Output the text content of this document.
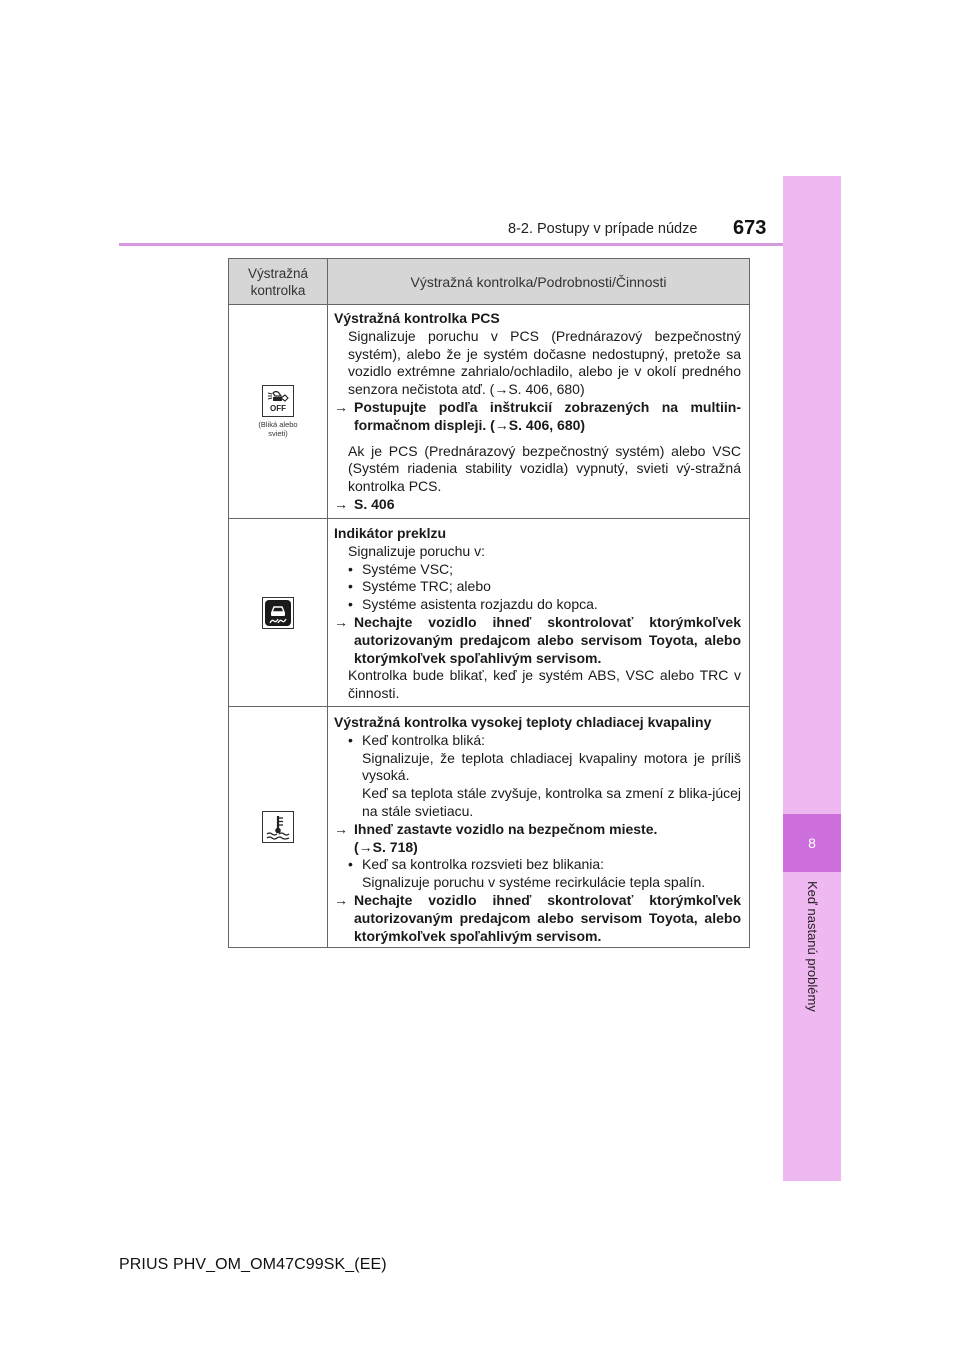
8
Keď nastanú problémy
8-2. Postupy v prípade núdze 673
Výstražná kontrolka
Výstražná kontrolka/Podrobnosti/Činnosti
OFF
(Bliká alebo svieti)

Výstražná kontrolka PCS

Signalizuje poruchu v PCS (Prednárazový bezpečnostný systém), alebo že je systém dočasne nedostupný, pretože sa vozidlo extrémne zahrialo/ochladilo, alebo je v okolí predného senzora nečistota atď. (→S. 406, 680)

→ Postupujte podľa inštrukcií zobrazených na multiin-formačnom displeji. (→S. 406, 680)

Ak je PCS (Prednárazový bezpečnostný systém) alebo VSC (Systém riadenia stability vozidla) vypnutý, svieti vý-stražná kontrolka PCS.

→ S. 406

Indikátor preklzu

Signalizuje poruchu v:

• Systéme VSC;
• Systéme TRC; alebo
• Systéme asistenta rozjazdu do kopca.
→ Nechajte vozidlo ihneď skontrolovať ktorýmkoľvek autorizovaným predajcom alebo servisom Toyota, alebo ktorýmkoľvek spoľahlivým servisom.

Kontrolka bude blikať, keď je systém ABS, VSC alebo TRC v činnosti.

Výstražná kontrolka vysokej teploty chladiacej kvapaliny

• Keď kontrolka bliká:

Signalizuje, že teplota chladiacej kvapaliny motora je príliš vysoká.

Keď sa teplota stále zvyšuje, kontrolka sa zmení z blika-júcej na stále svietiacu.

→ Ihneď zastavte vozidlo na bezpečnom mieste.

(→S. 718)

• Keď sa kontrolka rozsvieti bez blikania:

Signalizuje poruchu v systéme recirkulácie tepla spalín.

→ Nechajte vozidlo ihneď skontrolovať ktorýmkoľvek autorizovaným predajcom alebo servisom Toyota, alebo ktorýmkoľvek spoľahlivým servisom.
PRIUS PHV_OM_OM47C99SK_(EE)
